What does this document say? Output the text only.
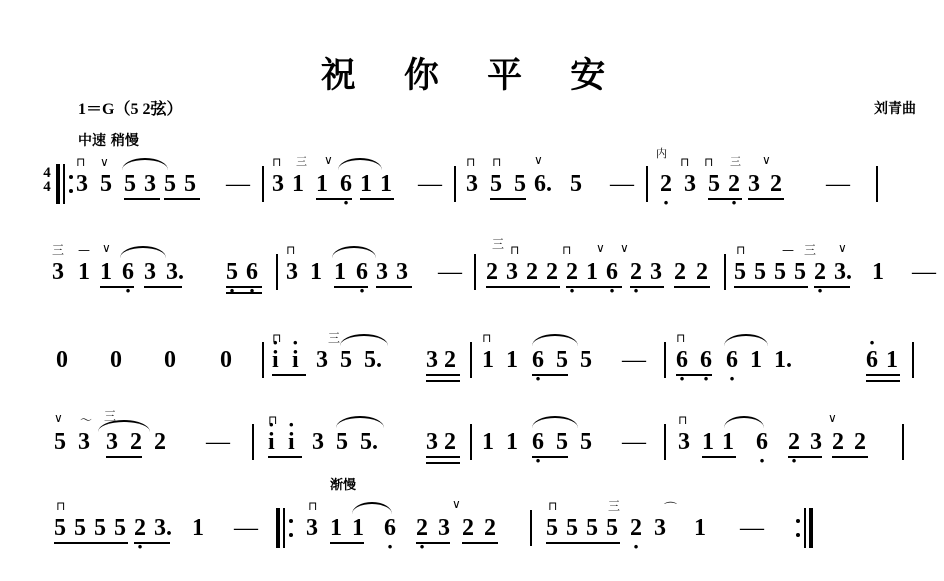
祝 你 平 安
1＝G（5 2弦）	刘青曲
中速 稍慢
渐慢
4
4
⊓ ∨
3 5 5 3 5 5 —
⊓ 三 ∨
3 1 1 6 · 1 1 —
⊓ ⊓	∨
3 5 5 6 . 5 —
内
⊓ ⊓ 三 ∨
2 · 3 5 2 · 3 2 —
三 — ∨
3 1 1 6 · 3 3 . 5 · 6 ·
⊓
3 1 1 6 · 3 3 —
三 ⊓	⊓ ∨ ∨
2 3 2 2 2 · 1 6 · 2 · 3 2 2
⊓	— 三 ∨
5 5 5 5 2 · 3 . 1 —
0 0 0 0
⊓	三
i · i · 3 5 5 . 3 2
⊓
1 1 6 · 5 5 —
⊓
6 · 6 · 6 · 1 1 .	6 · 1
∨ ～ 三
5 3 3 2 2 —
⊓
i · i · 3 5 5 . 3 2 1 1 6 · 5 5 —
⊓	∨
3 1 1 6 · 2 · 3 2 2
⊓
5 5 5 5 2 · 3 . 1 —
⊓	∨
3 1 1 6 · 2 · 3 2 2
⊓	三	⌒
5 5 5 5 2 · 3 1 —
